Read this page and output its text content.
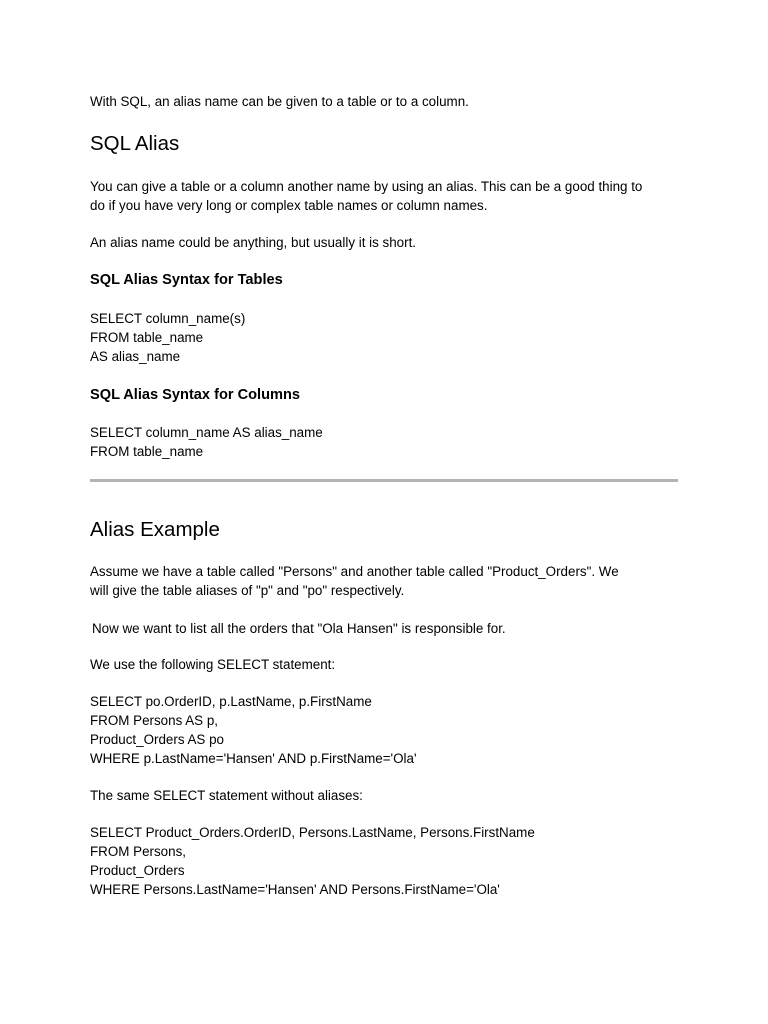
With SQL, an alias name can be given to a table or to a column.

SQL Alias

You can give a table or a column another name by using an alias. This can be a good thing to

do if you have very long or complex table names or column names.

An alias name could be anything, but usually it is short.

SQL Alias Syntax for Tables

SELECT column_name(s)

FROM table_name

AS alias_name

SQL Alias Syntax for Columns

SELECT column_name AS alias_name

FROM table_name

Alias Example

Assume we have a table called "Persons" and another table called "Product_Orders". We

will give the table aliases of "p" and "po" respectively.

Now we want to list all the orders that "Ola Hansen" is responsible for.

We use the following SELECT statement:

SELECT po.OrderID, p.LastName, p.FirstName

FROM Persons AS p,

Product_Orders AS po

WHERE p.LastName='Hansen' AND p.FirstName='Ola'

The same SELECT statement without aliases:

SELECT Product_Orders.OrderID, Persons.LastName, Persons.FirstName

FROM Persons,

Product_Orders

WHERE Persons.LastName='Hansen' AND Persons.FirstName='Ola'
